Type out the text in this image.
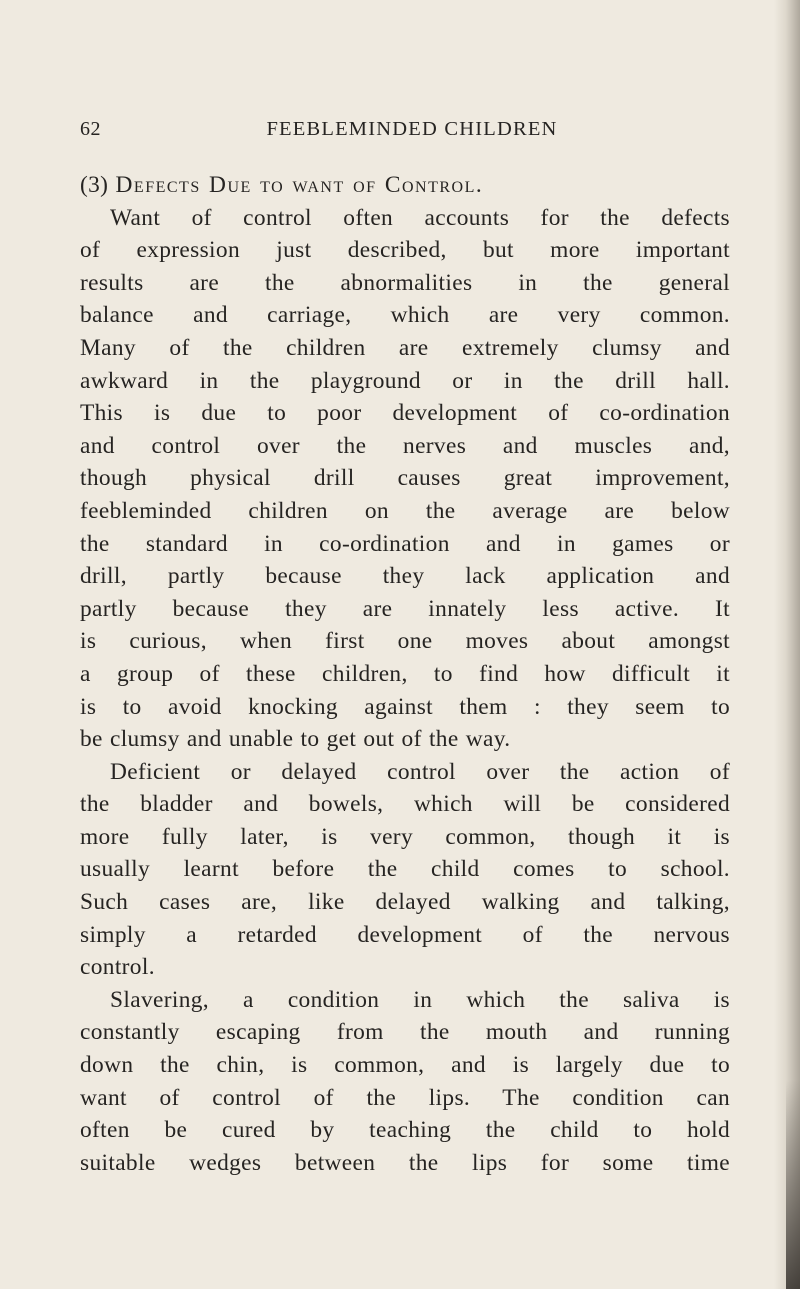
62	FEEBLEMINDED CHILDREN

(3) Defects Due to want of Control.

Want of control often accounts for the defects
of expression just described, but more important
results are the abnormalities in the general
balance and carriage, which are very common.
Many of the children are extremely clumsy and
awkward in the playground or in the drill hall.
This is due to poor development of co-ordination
and control over the nerves and muscles and,
though physical drill causes great improvement,
feebleminded children on the average are below
the standard in co-ordination and in games or
drill, partly because they lack application and
partly because they are innately less active. It
is curious, when first one moves about amongst
a group of these children, to find how difficult it
is to avoid knocking against them : they seem to
be clumsy and unable to get out of the way.

Deficient or delayed control over the action of
the bladder and bowels, which will be considered
more fully later, is very common, though it is
usually learnt before the child comes to school.
Such cases are, like delayed walking and talking,
simply a retarded development of the nervous
control.

Slavering, a condition in which the saliva is
constantly escaping from the mouth and running
down the chin, is common, and is largely due to
want of control of the lips. The condition can
often be cured by teaching the child to hold
suitable wedges between the lips for some time
